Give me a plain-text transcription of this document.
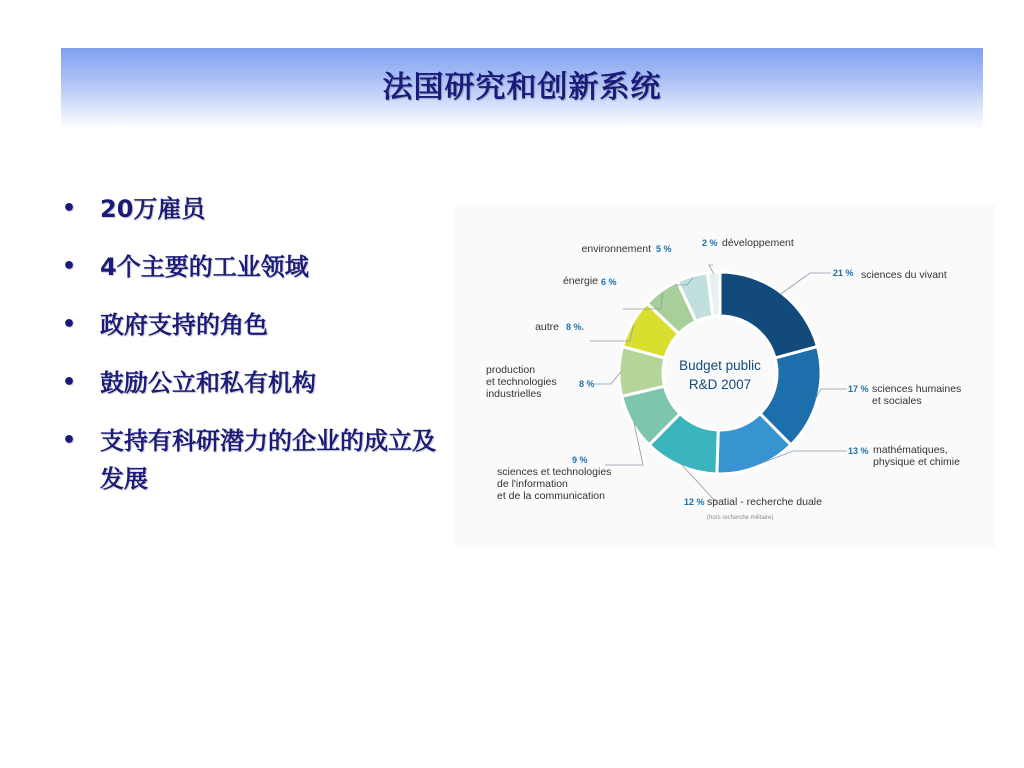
法国研究和创新系统
• 20万雇员
• 4个主要的工业领域
• 政府支持的角色
• 鼓励公立和私有机构
• 支持有科研潜力的企业的成立及发展
Budget public
R&D 2007
21 % sciences du vivant
17 % sciences humaines
et sociales
13 % mathématiques,
physique et chimie
12 % spatial - recherche duale
(hors recherche militaire)
9 %
sciences et technologies
de l'information
et de la communication
8 %
production
et technologies
industrielles
8 %.
autre
6 %
énergie
5 %
environnement	2 % développement
